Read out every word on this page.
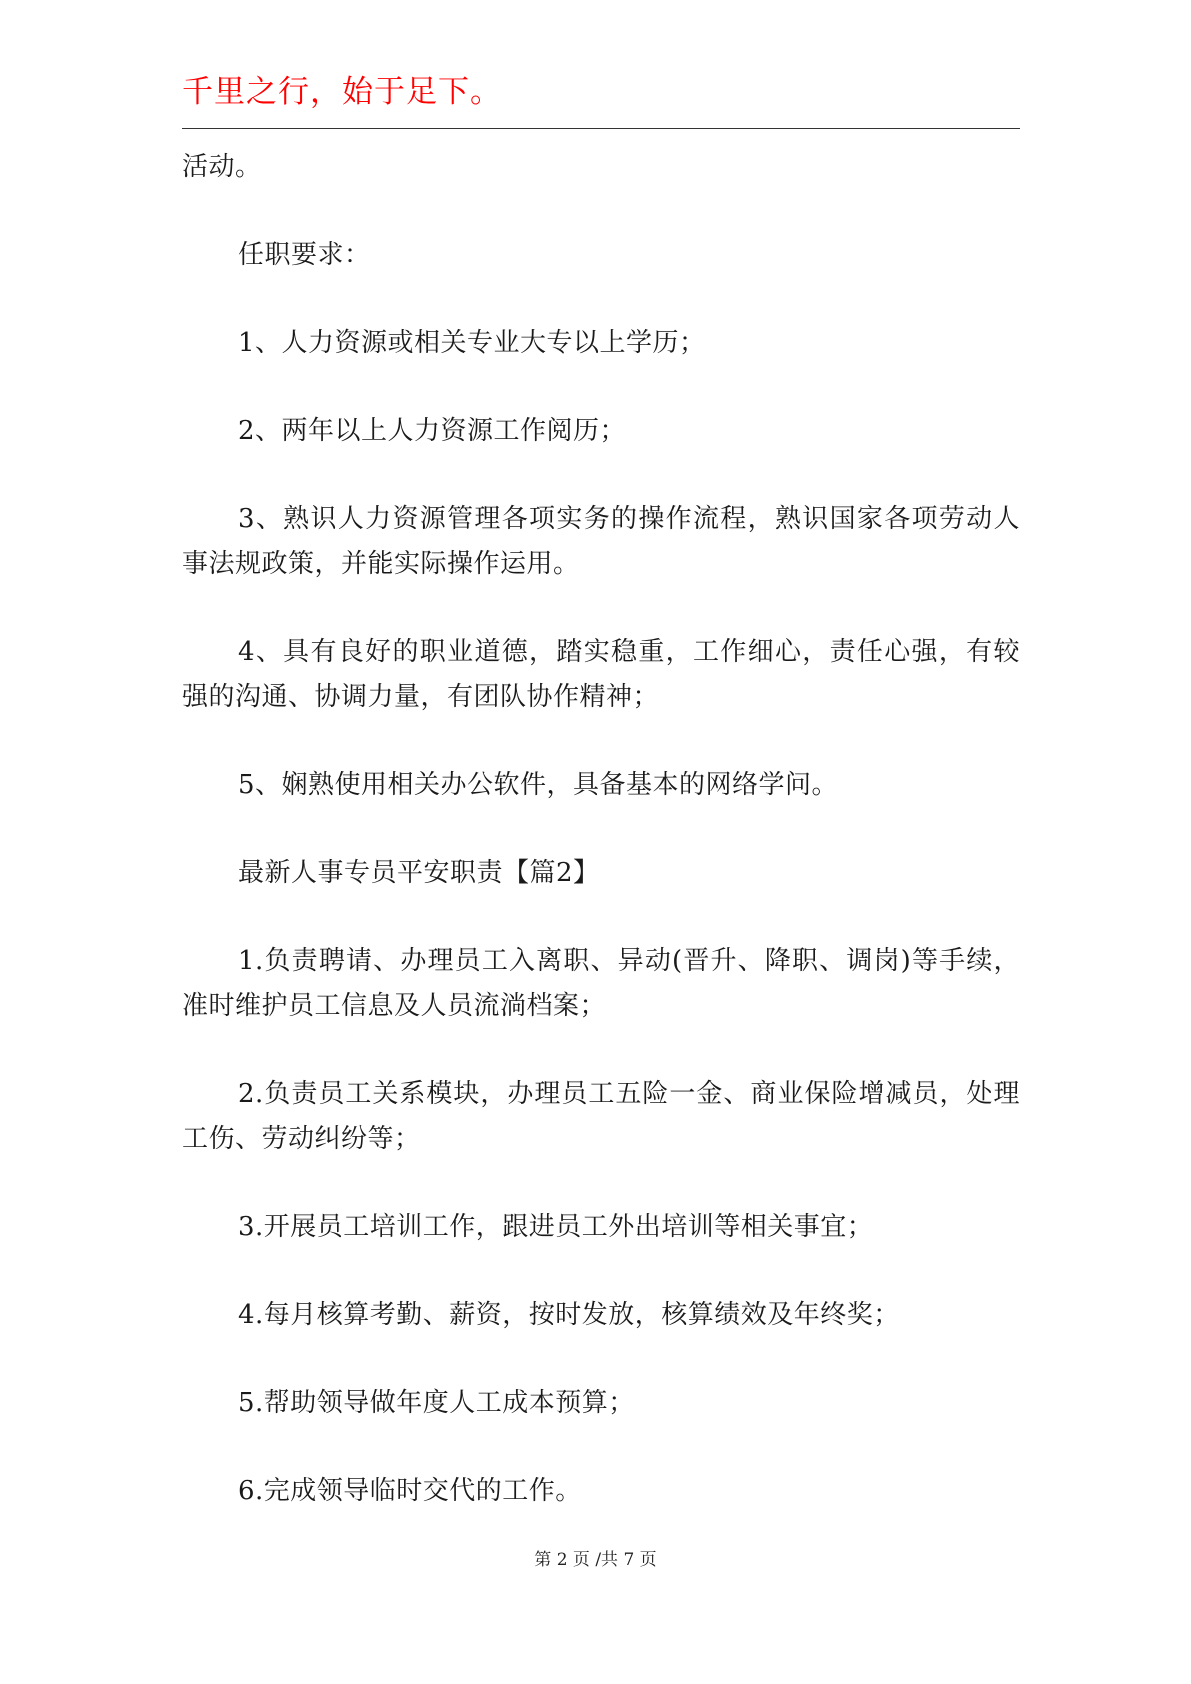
千里之行，始于足下。

活动。

任职要求：

1、人力资源或相关专业大专以上学历；

2、两年以上人力资源工作阅历；

3、熟识人力资源管理各项实务的操作流程，熟识国家各项劳动人事法规政策，并能实际操作运用。

4、具有良好的职业道德，踏实稳重，工作细心，责任心强，有较强的沟通、协调力量，有团队协作精神；

5、娴熟使用相关办公软件，具备基本的网络学问。

最新人事专员平安职责【篇2】

1.负责聘请、办理员工入离职、异动(晋升、降职、调岗)等手续，准时维护员工信息及人员流淌档案；

2.负责员工关系模块，办理员工五险一金、商业保险增减员，处理工伤、劳动纠纷等；

3.开展员工培训工作，跟进员工外出培训等相关事宜；

4.每月核算考勤、薪资，按时发放，核算绩效及年终奖；

5.帮助领导做年度人工成本预算；

6.完成领导临时交代的工作。

第 2 页 /共 7 页
